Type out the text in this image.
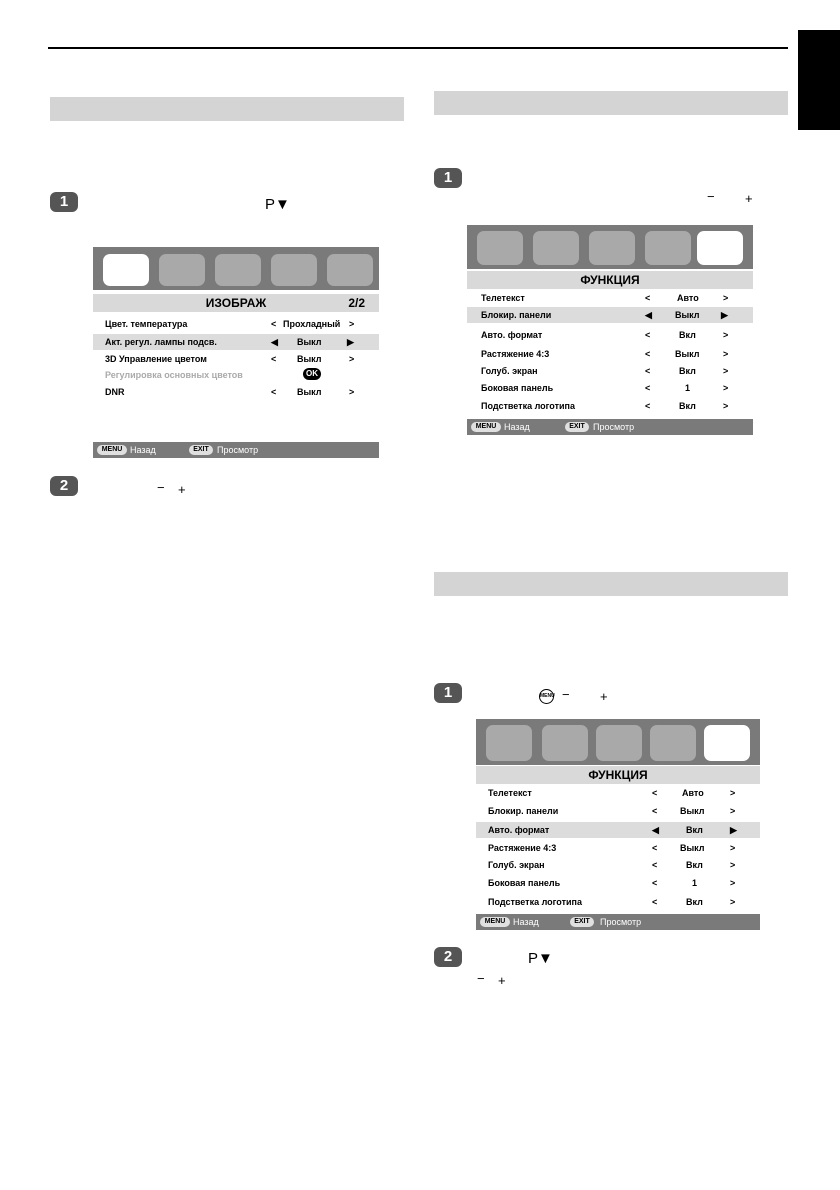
1	P▼
ИЗОБРАЖ	2/2
Цвет. температура	< Прохладный >
Акт. регул. лампы подсв.	◀ Выкл	▶
3D Управление цветом	< Выкл	>
Регулировка основных цветов	OK
DNR	< Выкл	>
MENU Назад	EXIT Просмотр
2	− +
1
− +
ФУНКЦИЯ
Телетекст	<	Авто	>
Блокир. панели	◀	Выкл ▶
Авто. формат	<	Вкл	>
Растяжение 4:3	<	Выкл	>
Голуб. экран	<	Вкл	>
Боковая панель	<	1	>
Подстветка логотипа	<	Вкл	>
MENU Назад	EXIT Просмотр
1	MENU − +
ФУНКЦИЯ
Телетекст	<	Авто	>
Блокир. панели	<	Выкл	>
Авто. формат	◀	Вкл	▶
Растяжение 4:3	<	Выкл	>
Голуб. экран	<	Вкл	>
Боковая панель	<	1	>
Подстветка логотипа	<	Вкл	>
MENU Назад	EXIT	Просмотр
2	P▼
− +
